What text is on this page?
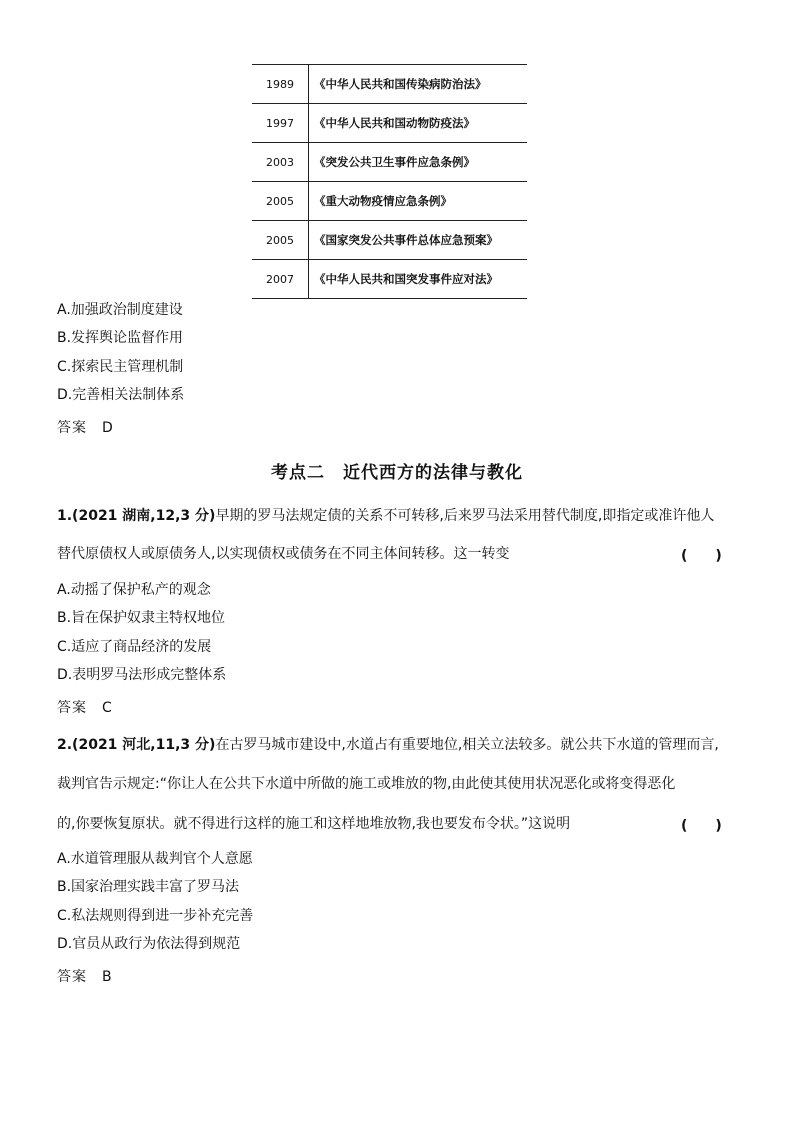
1989	《中华人民共和国传染病防治法》
1997	《中华人民共和国动物防疫法》
2003	《突发公共卫生事件应急条例》
2005	《重大动物疫情应急条例》
2005	《国家突发公共事件总体应急预案》
2007	《中华人民共和国突发事件应对法》
A.加强政治制度建设
B.发挥舆论监督作用
C.探索民主管理机制
D.完善相关法制体系
答案　D
考点二　近代西方的法律与教化
1.(2021 湖南,12,3 分)早期的罗马法规定债的关系不可转移,后来罗马法采用替代制度,即指定或准许他人
替代原债权人或原债务人,以实现债权或债务在不同主体间转移。这一转变	(　　)
A.动摇了保护私产的观念
B.旨在保护奴隶主特权地位
C.适应了商品经济的发展
D.表明罗马法形成完整体系
答案　C
2.(2021 河北,11,3 分)在古罗马城市建设中,水道占有重要地位,相关立法较多。就公共下水道的管理而言,
裁判官告示规定:“你让人在公共下水道中所做的施工或堆放的物,由此使其使用状况恶化或将变得恶化
的,你要恢复原状。就不得进行这样的施工和这样地堆放物,我也要发布令状。”这说明	(　　)
A.水道管理服从裁判官个人意愿
B.国家治理实践丰富了罗马法
C.私法规则得到进一步补充完善
D.官员从政行为依法得到规范
答案　B
